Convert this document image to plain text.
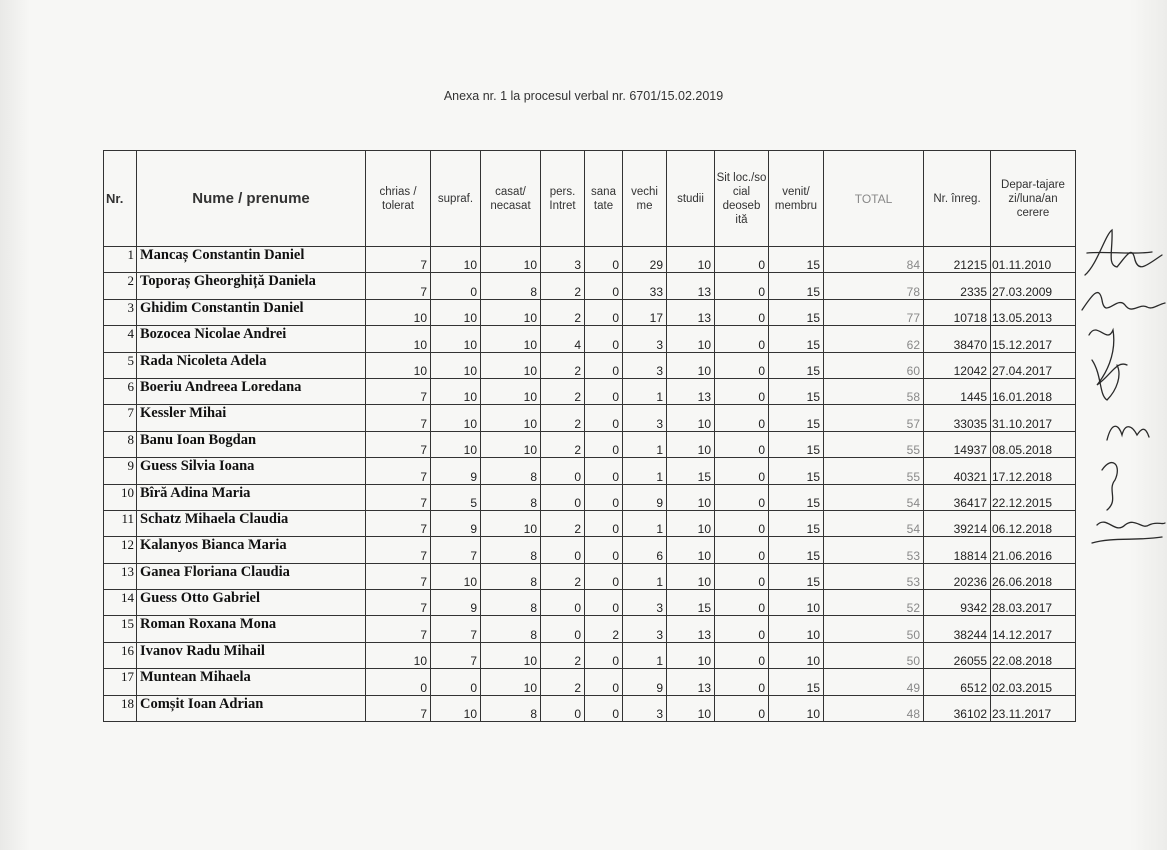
Anexa nr. 1 la procesul verbal nr. 6701/15.02.2019
Nr.	Nume / prenume	chrias / tolerat	supraf.	casat/ necasat	pers. Intret	sana tate	vechi me	studii	Sit loc./so cial deoseb ită	venit/ membru	TOTAL	Nr. înreg.	Depar-tajare zi/luna/an cerere
1	Mancaș Constantin Daniel	7	10	10	3	0	29	10	0	15	84	21215	01.11.2010
2	Toporaș Gheorghiță Daniela	7	0	8	2	0	33	13	0	15	78	2335	27.03.2009
3	Ghidim Constantin Daniel	10	10	10	2	0	17	13	0	15	77	10718	13.05.2013
4	Bozocea Nicolae Andrei	10	10	10	4	0	3	10	0	15	62	38470	15.12.2017
5	Rada Nicoleta Adela	10	10	10	2	0	3	10	0	15	60	12042	27.04.2017
6	Boeriu Andreea Loredana	7	10	10	2	0	1	13	0	15	58	1445	16.01.2018
7	Kessler Mihai	7	10	10	2	0	3	10	0	15	57	33035	31.10.2017
8	Banu Ioan Bogdan	7	10	10	2	0	1	10	0	15	55	14937	08.05.2018
9	Guess Silvia Ioana	7	9	8	0	0	1	15	0	15	55	40321	17.12.2018
10	Bîră Adina Maria	7	5	8	0	0	9	10	0	15	54	36417	22.12.2015
11	Schatz Mihaela Claudia	7	9	10	2	0	1	10	0	15	54	39214	06.12.2018
12	Kalanyos Bianca Maria	7	7	8	0	0	6	10	0	15	53	18814	21.06.2016
13	Ganea Floriana Claudia	7	10	8	2	0	1	10	0	15	53	20236	26.06.2018
14	Guess Otto Gabriel	7	9	8	0	0	3	15	0	10	52	9342	28.03.2017
15	Roman Roxana Mona	7	7	8	0	2	3	13	0	10	50	38244	14.12.2017
16	Ivanov Radu Mihail	10	7	10	2	0	1	10	0	10	50	26055	22.08.2018
17	Muntean Mihaela	0	0	10	2	0	9	13	0	15	49	6512	02.03.2015
18	Comșit Ioan Adrian	7	10	8	0	0	3	10	0	10	48	36102	23.11.2017
